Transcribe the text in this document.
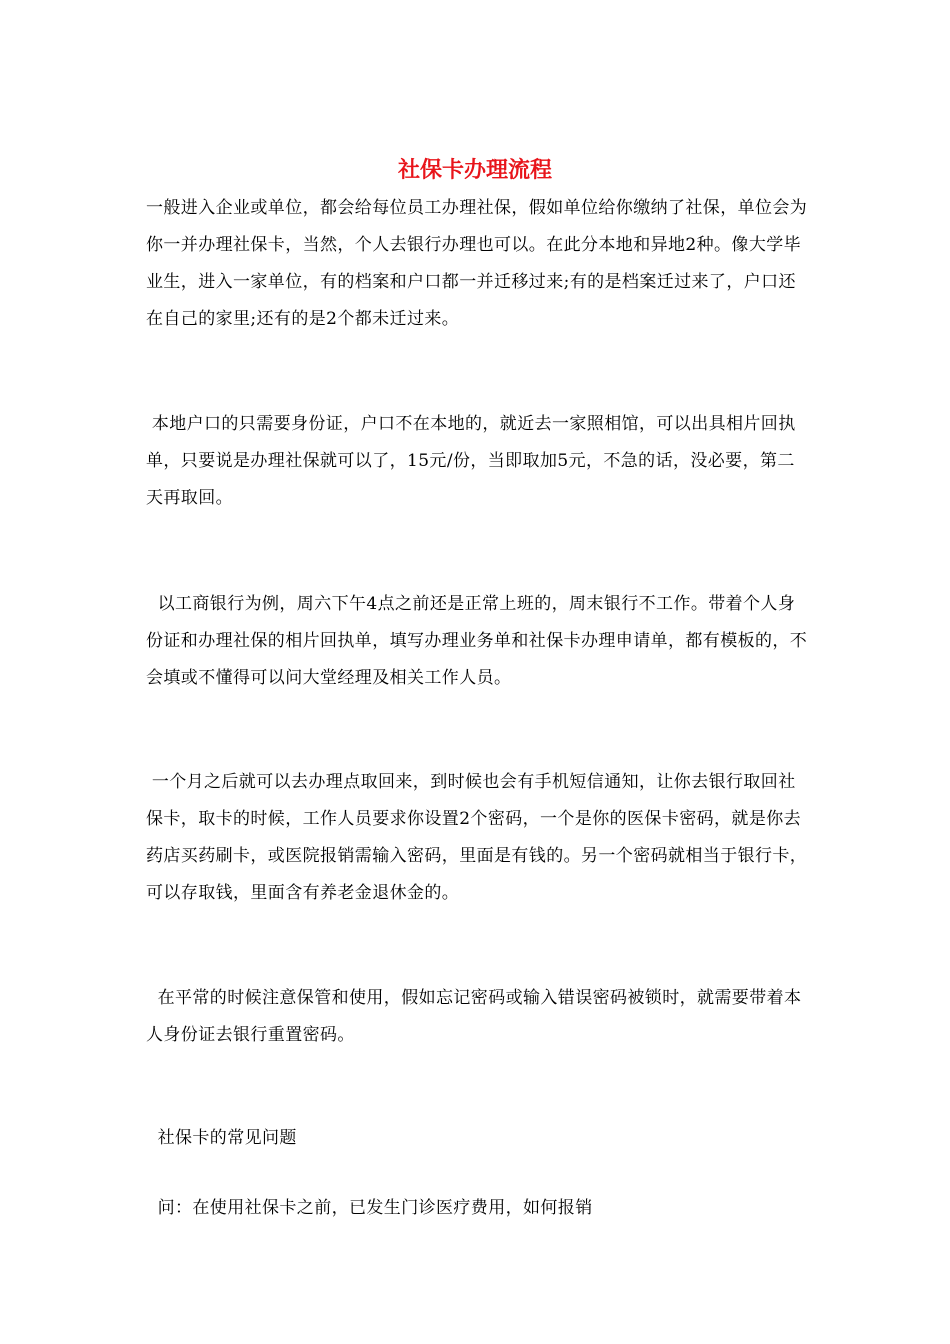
社保卡办理流程

一般进入企业或单位，都会给每位员工办理社保，假如单位给你缴纳了社保，单位会为你一并办理社保卡，当然，个人去银行办理也可以。在此分本地和异地2种。像大学毕业生，进入一家单位，有的档案和户口都一并迁移过来;有的是档案迁过来了，户口还在自己的家里;还有的是2个都未迁过来。

本地户口的只需要身份证，户口不在本地的，就近去一家照相馆，可以出具相片回执单，只要说是办理社保就可以了，15元/份，当即取加5元，不急的话，没必要，第二天再取回。

以工商银行为例，周六下午4点之前还是正常上班的，周末银行不工作。带着个人身份证和办理社保的相片回执单，填写办理业务单和社保卡办理申请单，都有模板的，不会填或不懂得可以问大堂经理及相关工作人员。

一个月之后就可以去办理点取回来，到时候也会有手机短信通知，让你去银行取回社保卡，取卡的时候，工作人员要求你设置2个密码，一个是你的医保卡密码，就是你去药店买药刷卡，或医院报销需输入密码，里面是有钱的。另一个密码就相当于银行卡，可以存取钱，里面含有养老金退休金的。

在平常的时候注意保管和使用，假如忘记密码或输入错误密码被锁时，就需要带着本人身份证去银行重置密码。

社保卡的常见问题

问：在使用社保卡之前，已发生门诊医疗费用，如何报销
